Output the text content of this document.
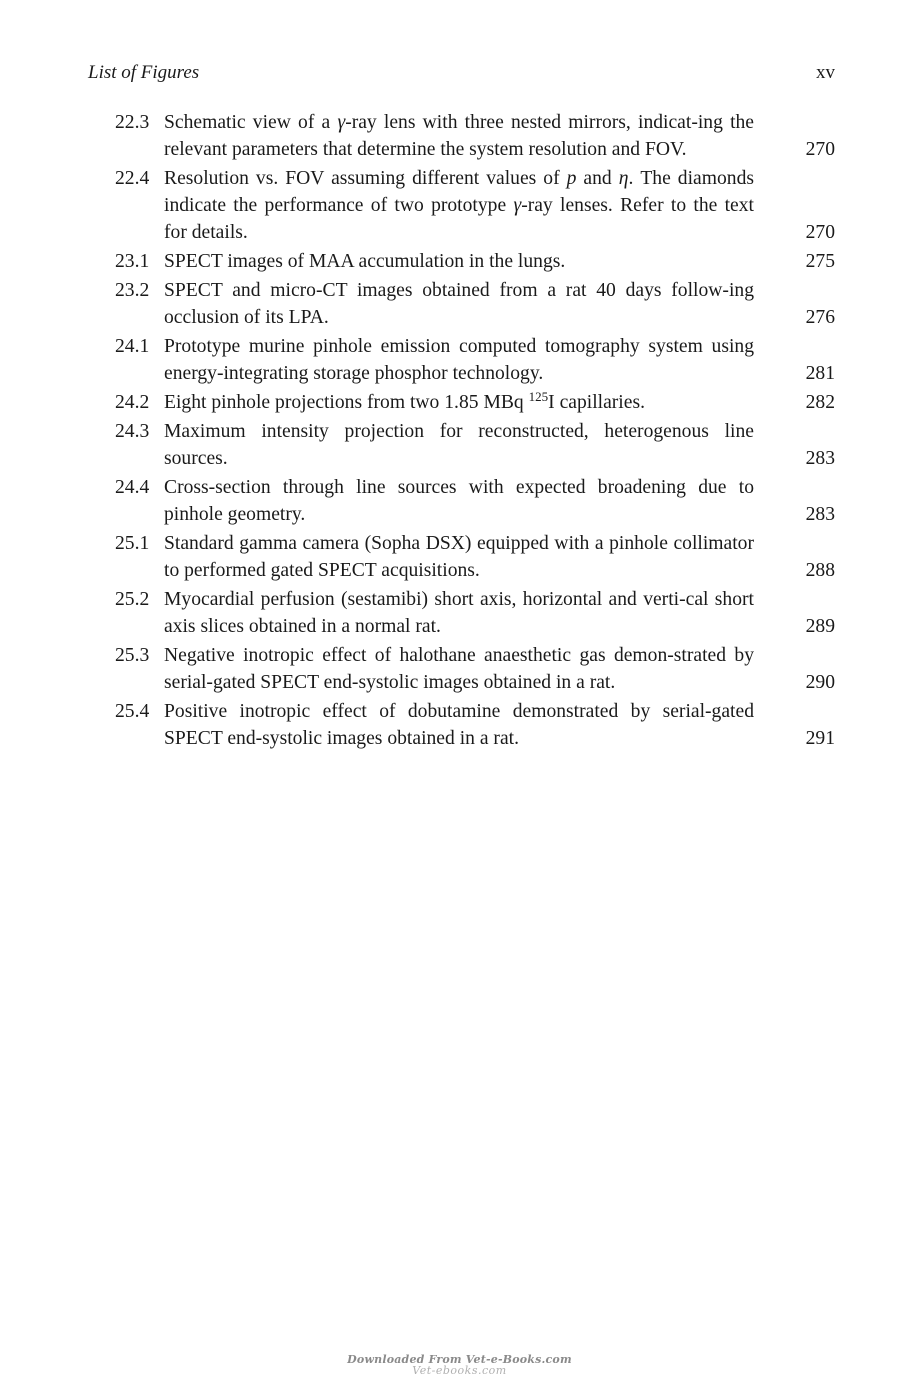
List of Figures	xv
22.3 Schematic view of a γ-ray lens with three nested mirrors, indicat-ing the relevant parameters that determine the system resolution and FOV.	270
22.4 Resolution vs. FOV assuming different values of p and η. The diamonds indicate the performance of two prototype γ-ray lenses. Refer to the text for details.	270
23.1 SPECT images of MAA accumulation in the lungs.	275
23.2 SPECT and micro-CT images obtained from a rat 40 days follow-ing occlusion of its LPA.	276
24.1 Prototype murine pinhole emission computed tomography system using energy-integrating storage phosphor technology.	281
24.2 Eight pinhole projections from two 1.85 MBq $^{125}$I capillaries.	282
24.3 Maximum intensity projection for reconstructed, heterogenous line sources.	283
24.4 Cross-section through line sources with expected broadening due to pinhole geometry.	283
25.1 Standard gamma camera (Sopha DSX) equipped with a pinhole collimator to performed gated SPECT acquisitions.	288
25.2 Myocardial perfusion (sestamibi) short axis, horizontal and verti-cal short axis slices obtained in a normal rat.	289
25.3 Negative inotropic effect of halothane anaesthetic gas demon-strated by serial-gated SPECT end-systolic images obtained in a rat.	290
25.4 Positive inotropic effect of dobutamine demonstrated by serial-gated SPECT end-systolic images obtained in a rat.	291
Downloaded From Vet-e-Books.com
Vet-ebooks.com
